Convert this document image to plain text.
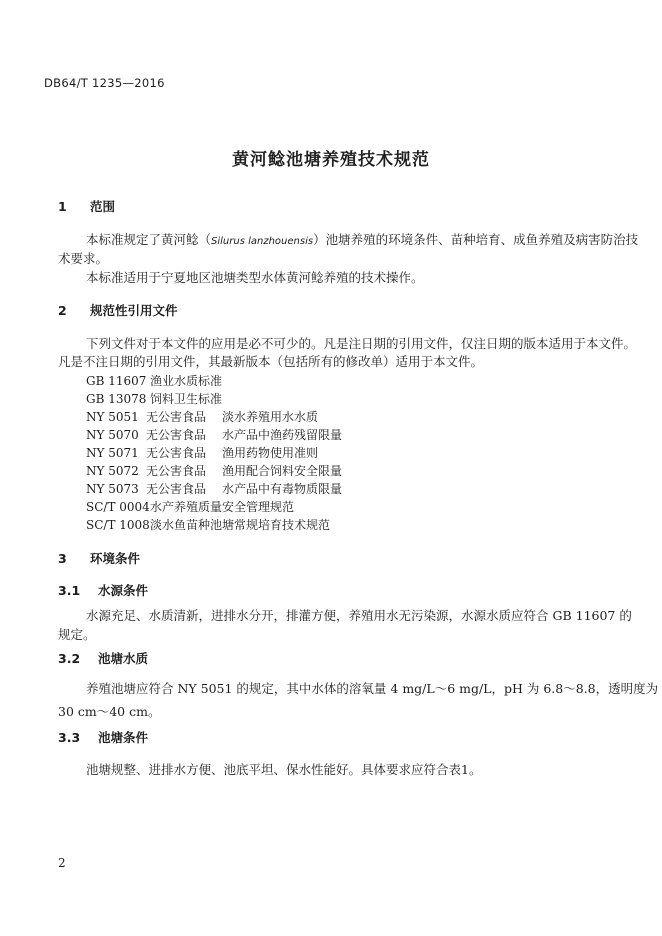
DB64/T 1235—2016
黄河鲶池塘养殖技术规范
1 范围
本标准规定了黄河鲶（Silurus lanzhouensis）池塘养殖的环境条件、苗种培育、成鱼养殖及病害防治技
术要求。
本标准适用于宁夏地区池塘类型水体黄河鲶养殖的技术操作。
2 规范性引用文件
下列文件对于本文件的应用是必不可少的。凡是注日期的引用文件，仅注日期的版本适用于本文件。
凡是不注日期的引用文件，其最新版本（包括所有的修改单）适用于本文件。
GB 11607 渔业水质标准
GB 13078 饲料卫生标准
NY 5051 无公害食品 淡水养殖用水水质
NY 5070 无公害食品 水产品中渔药残留限量
NY 5071 无公害食品 渔用药物使用准则
NY 5072 无公害食品 渔用配合饲料安全限量
NY 5073 无公害食品 水产品中有毒物质限量
SC/T 0004水产养殖质量安全管理规范
SC/T 1008淡水鱼苗种池塘常规培育技术规范
3 环境条件
3.1 水源条件
水源充足、水质清新，进排水分开，排灌方便，养殖用水无污染源，水源水质应符合 GB 11607 的
规定。
3.2 池塘水质
养殖池塘应符合 NY 5051 的规定，其中水体的溶氧量 4 mg/L～6 mg/L，pH 为 6.8～8.8，透明度为
30 cm～40 cm。
3.3 池塘条件
池塘规整、进排水方便、池底平坦、保水性能好。具体要求应符合表1。
2
